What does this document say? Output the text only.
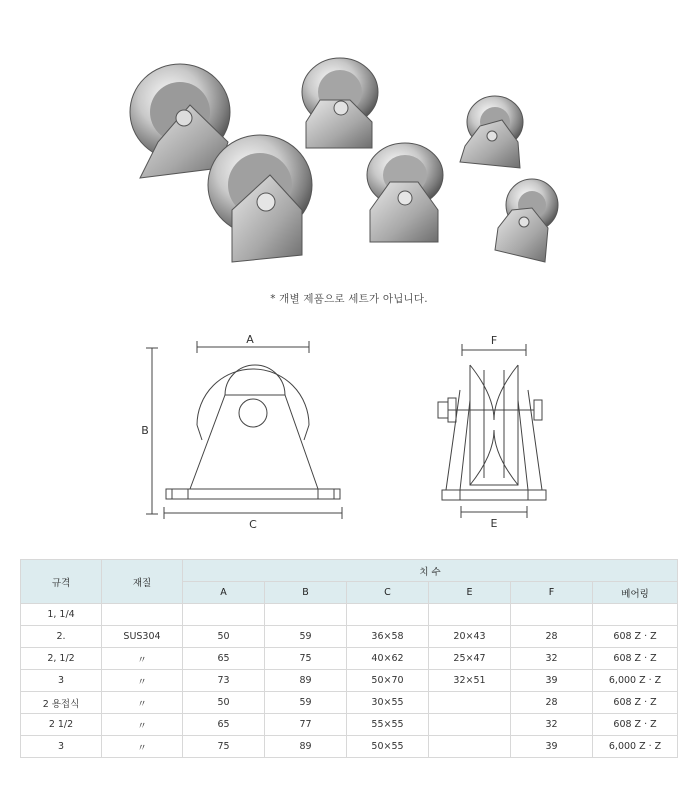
* 개별 제품으로 세트가 아닙니다.
A
B
C
F
E
규격	재질	치 수					
		A	B	C	E	F	베어링
1, 1/4							
2.	SUS304	50	59	36×58	20×43	28	608 Z · Z
2, 1/2	〃	65	75	40×62	25×47	32	608 Z · Z
3	〃	73	89	50×70	32×51	39	6,000 Z · Z
2 용접식	〃	50	59	30×55		28	608 Z · Z
2 1/2	〃	65	77	55×55		32	608 Z · Z
3	〃	75	89	50×55		39	6,000 Z · Z
